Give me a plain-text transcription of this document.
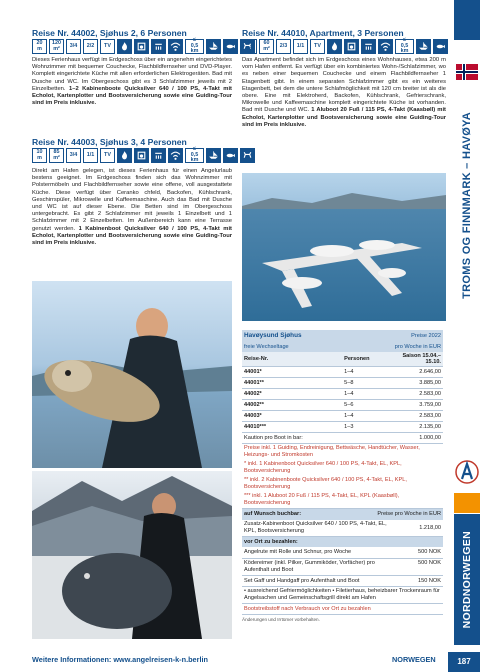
Reise Nr. 44002, Sjøhus 2, 6 Personen
20
m
120
m²	3/4	2/2	TV
≤
0,5 km
Dieses Ferienhaus verfügt im Erdgeschoss über ein angenehm eingerichtetes Wohnzimmer mit bequemer Couchecke, Flachbildfernseher und DVD-Player. Komplett eingerichtete Küche mit allen erforderlichen Elektrogeräten. Bad mit Dusche und WC. Im Obergeschoss gibt es 3 Schlafzimmer jeweils mit 2 Einzelbetten. 1–2 Kabinenboote Quicksilver 640 / 100 PS, 4-Takt mit Echolot, Kartenplotter und Bootsversicherung sowie eine Guiding-Tour sind im Preis inklusive.
Reise Nr. 44003, Sjøhus 3, 4 Personen
10
m
85
m²	3/4	1/1	TV
≤
0,5 km
Direkt am Hafen gelegen, ist dieses Ferienhaus für einen Angelurlaub bestens geeignet. Im Erdgeschoss finden sich das Wohnzimmer mit Polstermöbeln und Flachbildfernseher sowie eine offene, voll ausgestattete Küche. Diese verfügt über Ceranko chfeld, Backofen, Kühlschrank, Geschirrspüler, Mikrowelle und Kaffeemaschine. Auch das Bad mit Dusche und WC ist auf dieser Ebene. Die Betten sind im Obergeschoss untergebracht. Es gibt 2 Schlafzimmer mit jeweils 1 Einzelbett und 1 Schlafzimmer mit 2 Einzelbetten. Im Außenbereich kann eine Terrasse genutzt werden. 1 Kabinenboot Quicksilver 640 / 100 PS, 4-Takt mit Echolot, Kartenplotter und Bootsversicherung sowie eine Guiding-Tour sind im Preis inklusive.
Reise Nr. 44010, Apartment, 3 Personen
20
m
60
m²	2/3	1/1	TV
≤
0,5 km
Das Apartment befindet sich im Erdgeschoss eines Wohnhauses, etwa 200 m vom Hafen entfernt. Es verfügt über ein kombiniertes Wohn-/Schlafzimmer, wo es neben einer bequemen Couchecke und einem Flachbildfernseher 1 Etagenbett gibt. In einem separaten Schlafzimmer gibt es ein weiteres Etagenbett, bei dem die untere Schlafmöglichkeit mit 120 cm breiter ist als die obere. Eine mit Elektroherd, Backofen, Kühlschrank, Gefrierschrank, Mikrowelle und Kaffeemaschine komplett eingerichtete Küche ist vorhanden. Bad mit Dusche und WC. 1 Aluboot 20 Fuß / 115 PS, 4-Takt (Kaasbøll) mit Echolot, Kartenplotter und Bootsversicherung sowie eine Guiding-Tour sind im Preis inklusive.
Havøysund Sjøhus	Preise 2022	
freie Wechseltage	pro Woche in EUR	
Reise-Nr.	Personen	Saison 15.04.–15.10.
44001*	1–4	2.646,00
44001**	5–8	3.885,00
44002*	1–4	2.583,00
44002**	5–6	3.759,00
44003*	1–4	2.583,00
44010***	1–3	2.135,00
Kaution pro Boot in bar:		1.000,00
Preise inkl. 1 Guiding, Endreinigung, Bettwäsche, Handtücher, Wasser, Heizungs- und Stromkosten		
* inkl. 1 Kabinenboot Quicksilver 640 / 100 PS, 4-Takt, EL, KPL, Bootsversicherung		
** inkl. 2 Kabinenboote Quicksilver 640 / 100 PS, 4-Takt, EL, KPL, Bootsversicherung		
*** inkl. 1 Aluboot 20 Fuß / 115 PS, 4-Takt, EL, KPL (Kaasbøll), Bootsversicherung		
auf Wunsch buchbar:	Preise pro Woche in EUR	
Zusatz-Kabinenboot Quicksilver 640 / 100 PS, 4-Takt, EL, KPL, Bootsversicherung		1.218,00
vor Ort zu bezahlen:		
Angelrute mit Rolle und Schnur, pro Woche		500 NOK
Ködereimer (inkl. Pilker, Gummiköder, Vorfächer) pro Aufenthalt und Boot		500 NOK
Set Gaff und Handgaff pro Aufenthalt und Boot		150 NOK
• ausreichend Gefriermöglichkeiten • Filetierhaus, beheizbarer Trockenraum für Angelsachen und Gemeinschaftsgrill direkt am Hafen		
Bootstreibstoff nach Verbrauch vor Ort zu bezahlen		
Änderungen und Irrtümer vorbehalten.
TROMS OG FINNMARK – HAVØYA
NORDNORWEGEN
Weitere Informationen: www.angelreisen-k-n.berlin	NORWEGEN	187
